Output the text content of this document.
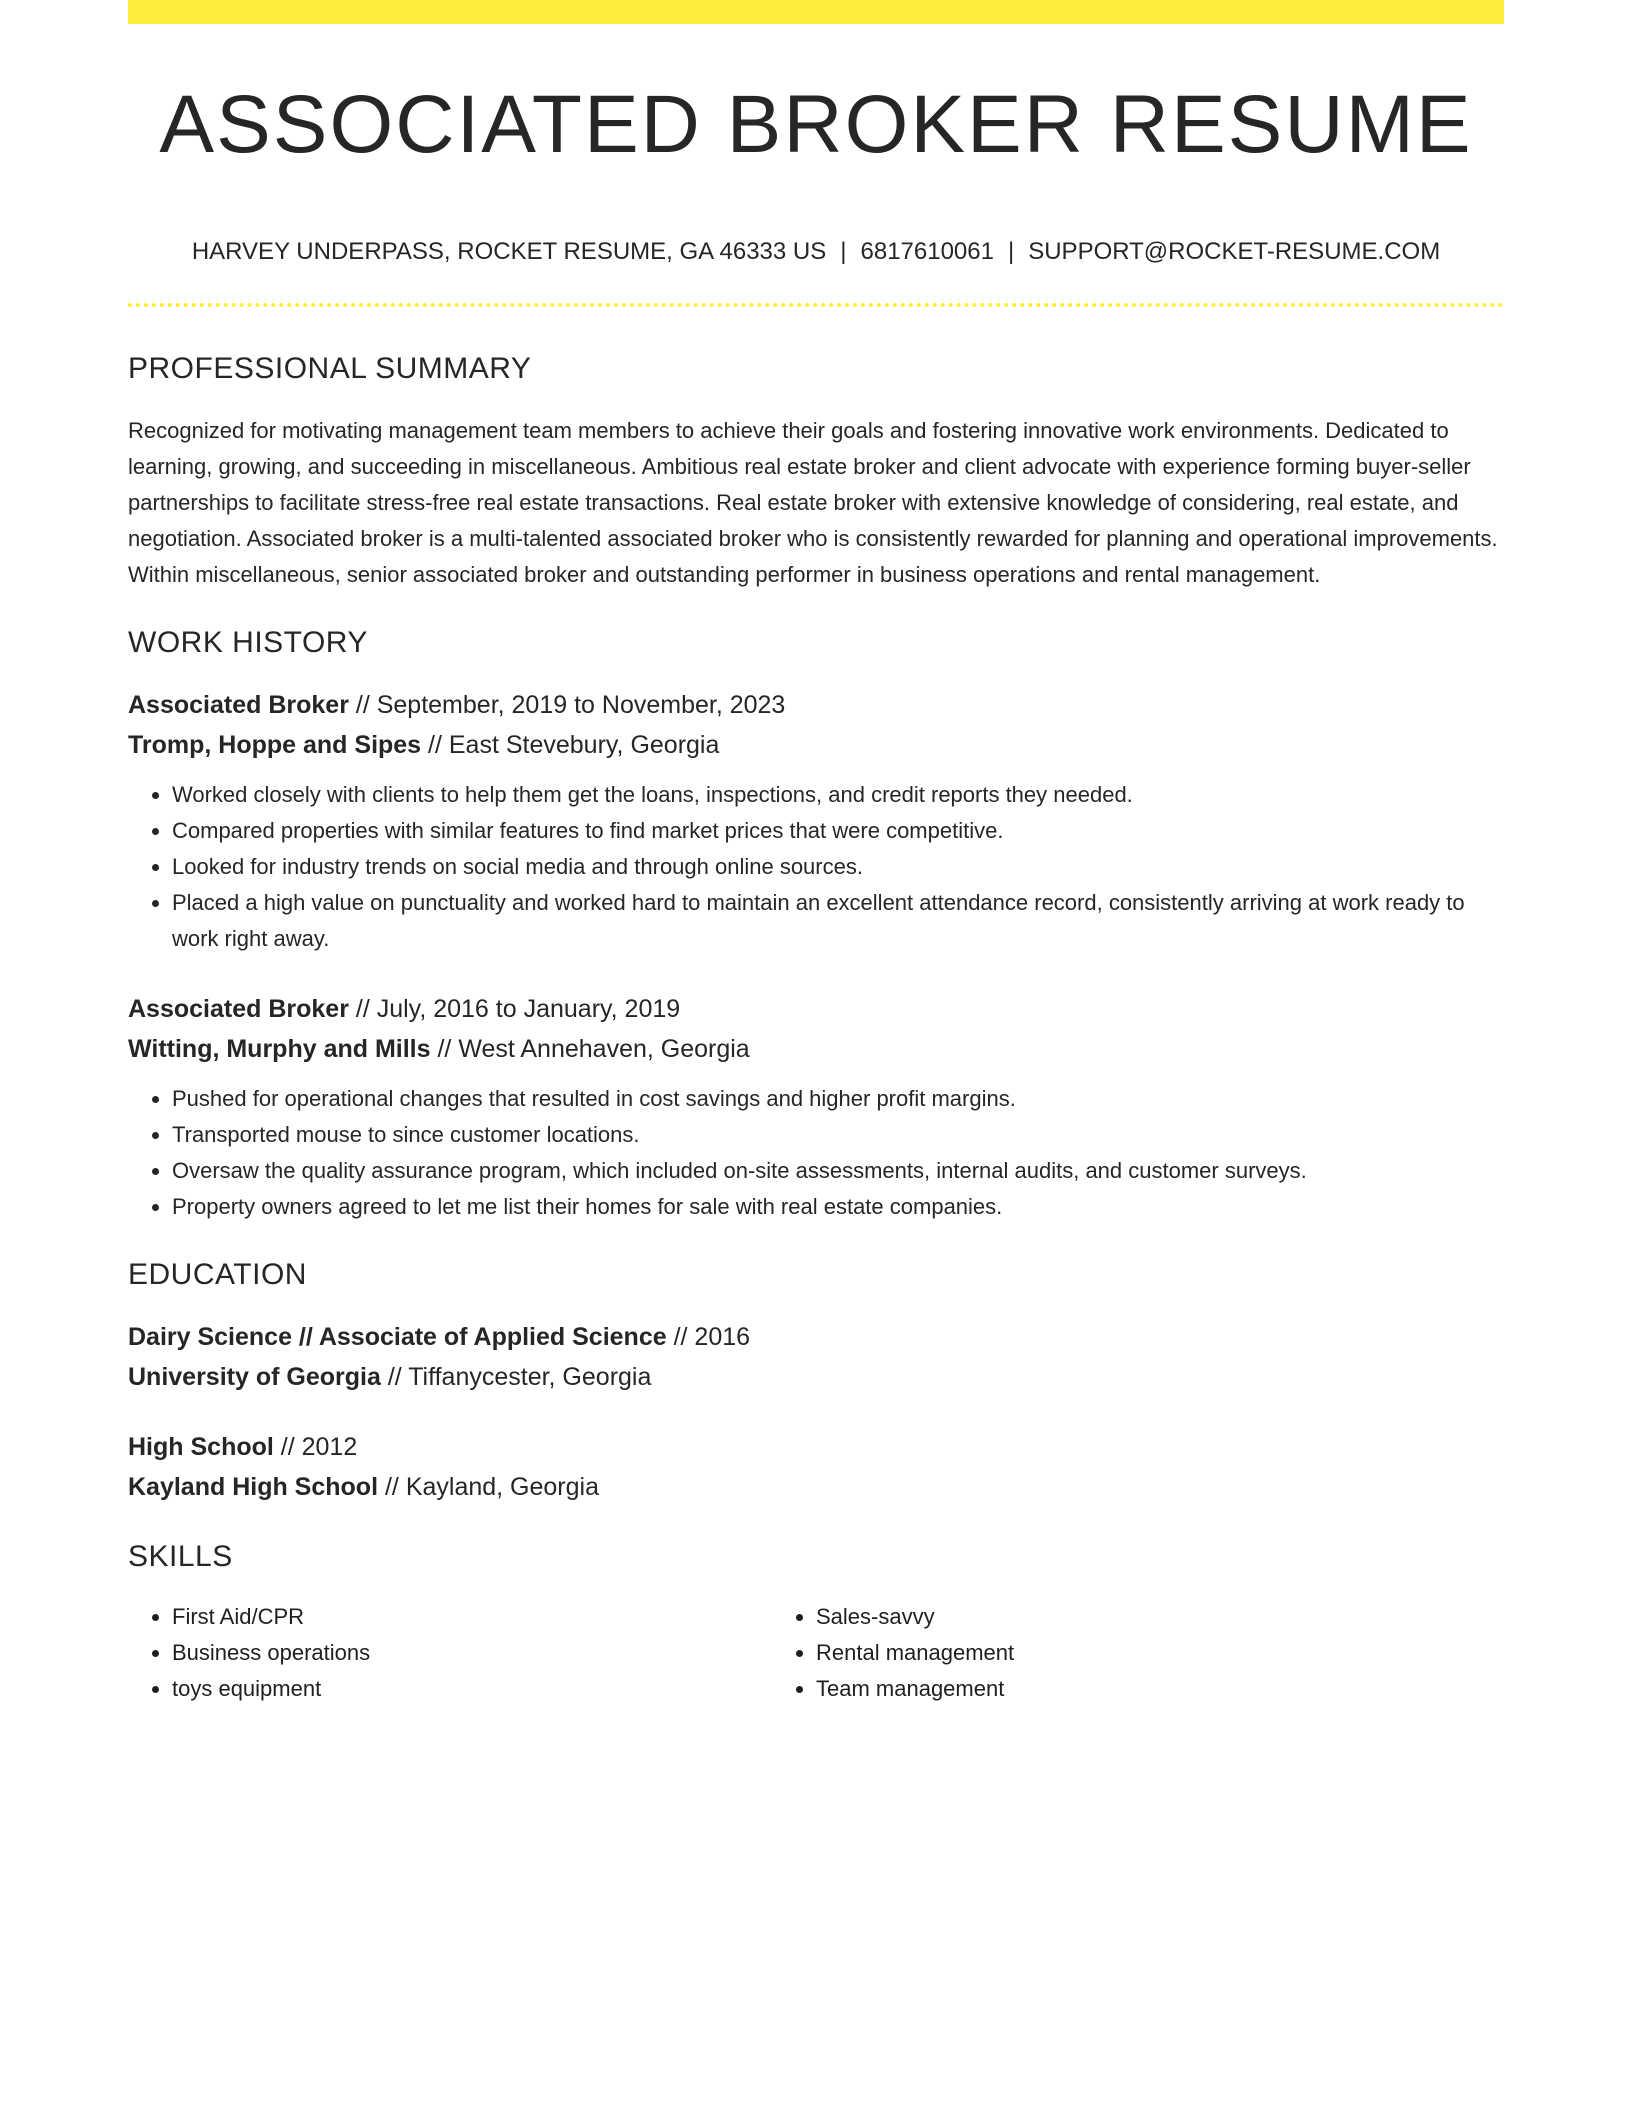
ASSOCIATED BROKER RESUME
HARVEY UNDERPASS, ROCKET RESUME, GA 46333 US | 6817610061 | SUPPORT@ROCKET-RESUME.COM
PROFESSIONAL SUMMARY

Recognized for motivating management team members to achieve their goals and fostering innovative work environments. Dedicated to learning, growing, and succeeding in miscellaneous. Ambitious real estate broker and client advocate with experience forming buyer-seller partnerships to facilitate stress-free real estate transactions. Real estate broker with extensive knowledge of considering, real estate, and negotiation. Associated broker is a multi-talented associated broker who is consistently rewarded for planning and operational improvements. Within miscellaneous, senior associated broker and outstanding performer in business operations and rental management.

WORK HISTORY
Associated Broker // September, 2019 to November, 2023
Tromp, Hoppe and Sipes // East Stevebury, Georgia
• Worked closely with clients to help them get the loans, inspections, and credit reports they needed.
• Compared properties with similar features to find market prices that were competitive.
• Looked for industry trends on social media and through online sources.
• Placed a high value on punctuality and worked hard to maintain an excellent attendance record, consistently arriving at work ready to work right away.
Associated Broker // July, 2016 to January, 2019
Witting, Murphy and Mills // West Annehaven, Georgia
• Pushed for operational changes that resulted in cost savings and higher profit margins.
• Transported mouse to since customer locations.
• Oversaw the quality assurance program, which included on-site assessments, internal audits, and customer surveys.
• Property owners agreed to let me list their homes for sale with real estate companies.
EDUCATION
Dairy Science // Associate of Applied Science // 2016
University of Georgia // Tiffanycester, Georgia
High School // 2012
Kayland High School // Kayland, Georgia
SKILLS
• First Aid/CPR
• Business operations
• toys equipment
• Sales-savvy
• Rental management
• Team management
